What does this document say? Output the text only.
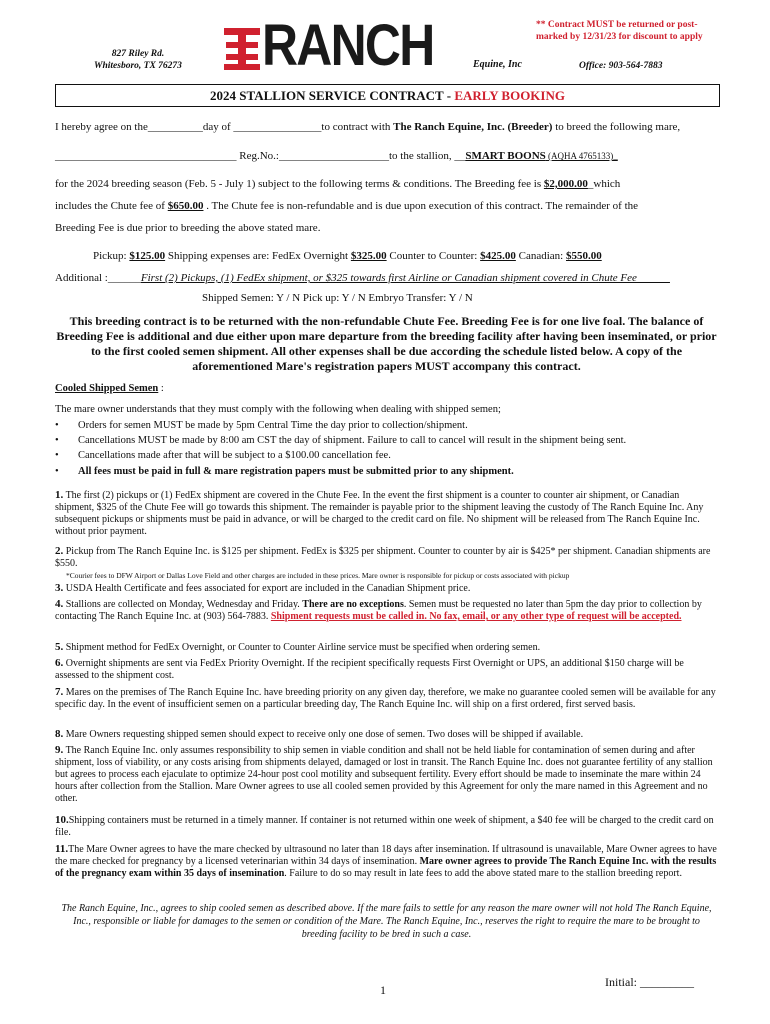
827 Riley Rd.
Whitesboro, TX 76273 RANCH	Equine, Inc
** Contract MUST be returned or post-marked by 12/31/23 for discount to apply
Office: 903-564-7883
2024 STALLION SERVICE CONTRACT - EARLY BOOKING
I hereby agree on the__________day of ________________to contract with The Ranch Equine, Inc. (Breeder) to breed the following mare,
_________________________________ Reg.No.:____________________to the stallion, __SMART BOONS (AQHA 4765133)_
for the 2024 breeding season (Feb. 5 - July 1) subject to the following terms & conditions. The Breeding fee is $2,000.00_which
includes the Chute fee of $650.00 . The Chute fee is non-refundable and is due upon execution of this contract. The remainder of the
Breeding Fee is due prior to breeding the above stated mare.
Pickup: $125.00 Shipping expenses are: FedEx Overnight $325.00 Counter to Counter: $425.00 Canadian: $550.00
Additional :______First (2) Pickups, (1) FedEx shipment, or $325 towards first Airline or Canadian shipment covered in Chute Fee______
Shipped Semen: Y / N Pick up: Y / N Embryo Transfer: Y / N
This breeding contract is to be returned with the non-refundable Chute Fee. Breeding Fee is for one live foal. The balance of Breeding Fee is additional and due either upon mare departure from the breeding facility after having been inseminated, or prior to the first cooled semen shipment. All other expenses shall be due according the schedule listed below. A copy of the aforementioned Mare's registration papers MUST accompany this contract.
Cooled Shipped Semen :
The mare owner understands that they must comply with the following when dealing with shipped semen;
• Orders for semen MUST be made by 5pm Central Time the day prior to collection/shipment.
• Cancellations MUST be made by 8:00 am CST the day of shipment. Failure to call to cancel will result in the shipment being sent.
• Cancellations made after that will be subject to a $100.00 cancellation fee.
• All fees must be paid in full & mare registration papers must be submitted prior to any shipment.
1. The first (2) pickups or (1) FedEx shipment are covered in the Chute Fee. In the event the first shipment is a counter to counter air shipment, or Canadian shipment, $325 of the Chute Fee will go towards this shipment. The remainder is payable prior to the shipment leaving the custody of The Ranch Equine Inc. Any subsequent pickups or shipments must be paid in advance, or will be charged to the credit card on file. No shipment will be released from The Ranch Equine Inc. without prior payment.
2. Pickup from The Ranch Equine Inc. is $125 per shipment. FedEx is $325 per shipment. Counter to counter by air is $425* per shipment. Canadian shipments are $550.
*Courier fees to DFW Airport or Dallas Love Field and other charges are included in these prices. Mare owner is responsible for pickup or costs associated with pickup
3. USDA Health Certificate and fees associated for export are included in the Canadian Shipment price.
4. Stallions are collected on Monday, Wednesday and Friday. There are no exceptions. Semen must be requested no later than 5pm the day prior to collection by contacting The Ranch Equine Inc. at (903) 564-7883. Shipment requests must be called in. No fax, email, or any other type of request will be accepted.
5. Shipment method for FedEx Overnight, or Counter to Counter Airline service must be specified when ordering semen.
6. Overnight shipments are sent via FedEx Priority Overnight. If the recipient specifically requests First Overnight or UPS, an additional $150 charge will be assessed to the shipment cost.
7. Mares on the premises of The Ranch Equine Inc. have breeding priority on any given day, therefore, we make no guarantee cooled semen will be available for any specific day. In the event of insufficient semen on a particular breeding day, The Ranch Equine Inc. will ship on a first ordered, first served basis.
8. Mare Owners requesting shipped semen should expect to receive only one dose of semen. Two doses will be shipped if available.
9. The Ranch Equine Inc. only assumes responsibility to ship semen in viable condition and shall not be held liable for contamination of semen during and after shipment, loss of viability, or any costs arising from shipments delayed, damaged or lost in transit. The Ranch Equine Inc. does not guarantee fertility of any stallion but agrees to process each ejaculate to optimize 24-hour post cool motility and subsequent fertility. Every effort should be made to inseminate the mare within 24 hours after collection from the Stallion. Mare Owner agrees to use all cooled semen provided by this Agreement for only the mare named in this Agreement and no other.
10.Shipping containers must be returned in a timely manner. If container is not returned within one week of shipment, a $40 fee will be charged to the credit card on file.
11.The Mare Owner agrees to have the mare checked by ultrasound no later than 18 days after insemination. If ultrasound is unavailable, Mare Owner agrees to have the mare checked for pregnancy by a licensed veterinarian within 34 days of insemination. Mare owner agrees to provide The Ranch Equine Inc. with the results of the pregnancy exam within 35 days of insemination. Failure to do so may result in late fees to add the above stated mare to the stallion breeding report.
The Ranch Equine, Inc., agrees to ship cooled semen as described above. If the mare fails to settle for any reason the mare owner will not hold The Ranch Equine, Inc., responsible or liable for damages to the semen or condition of the Mare. The Ranch Equine, Inc., reserves the right to require the mare to be brought to breeding facility to be bred in such a case.
1
Initial: _________
